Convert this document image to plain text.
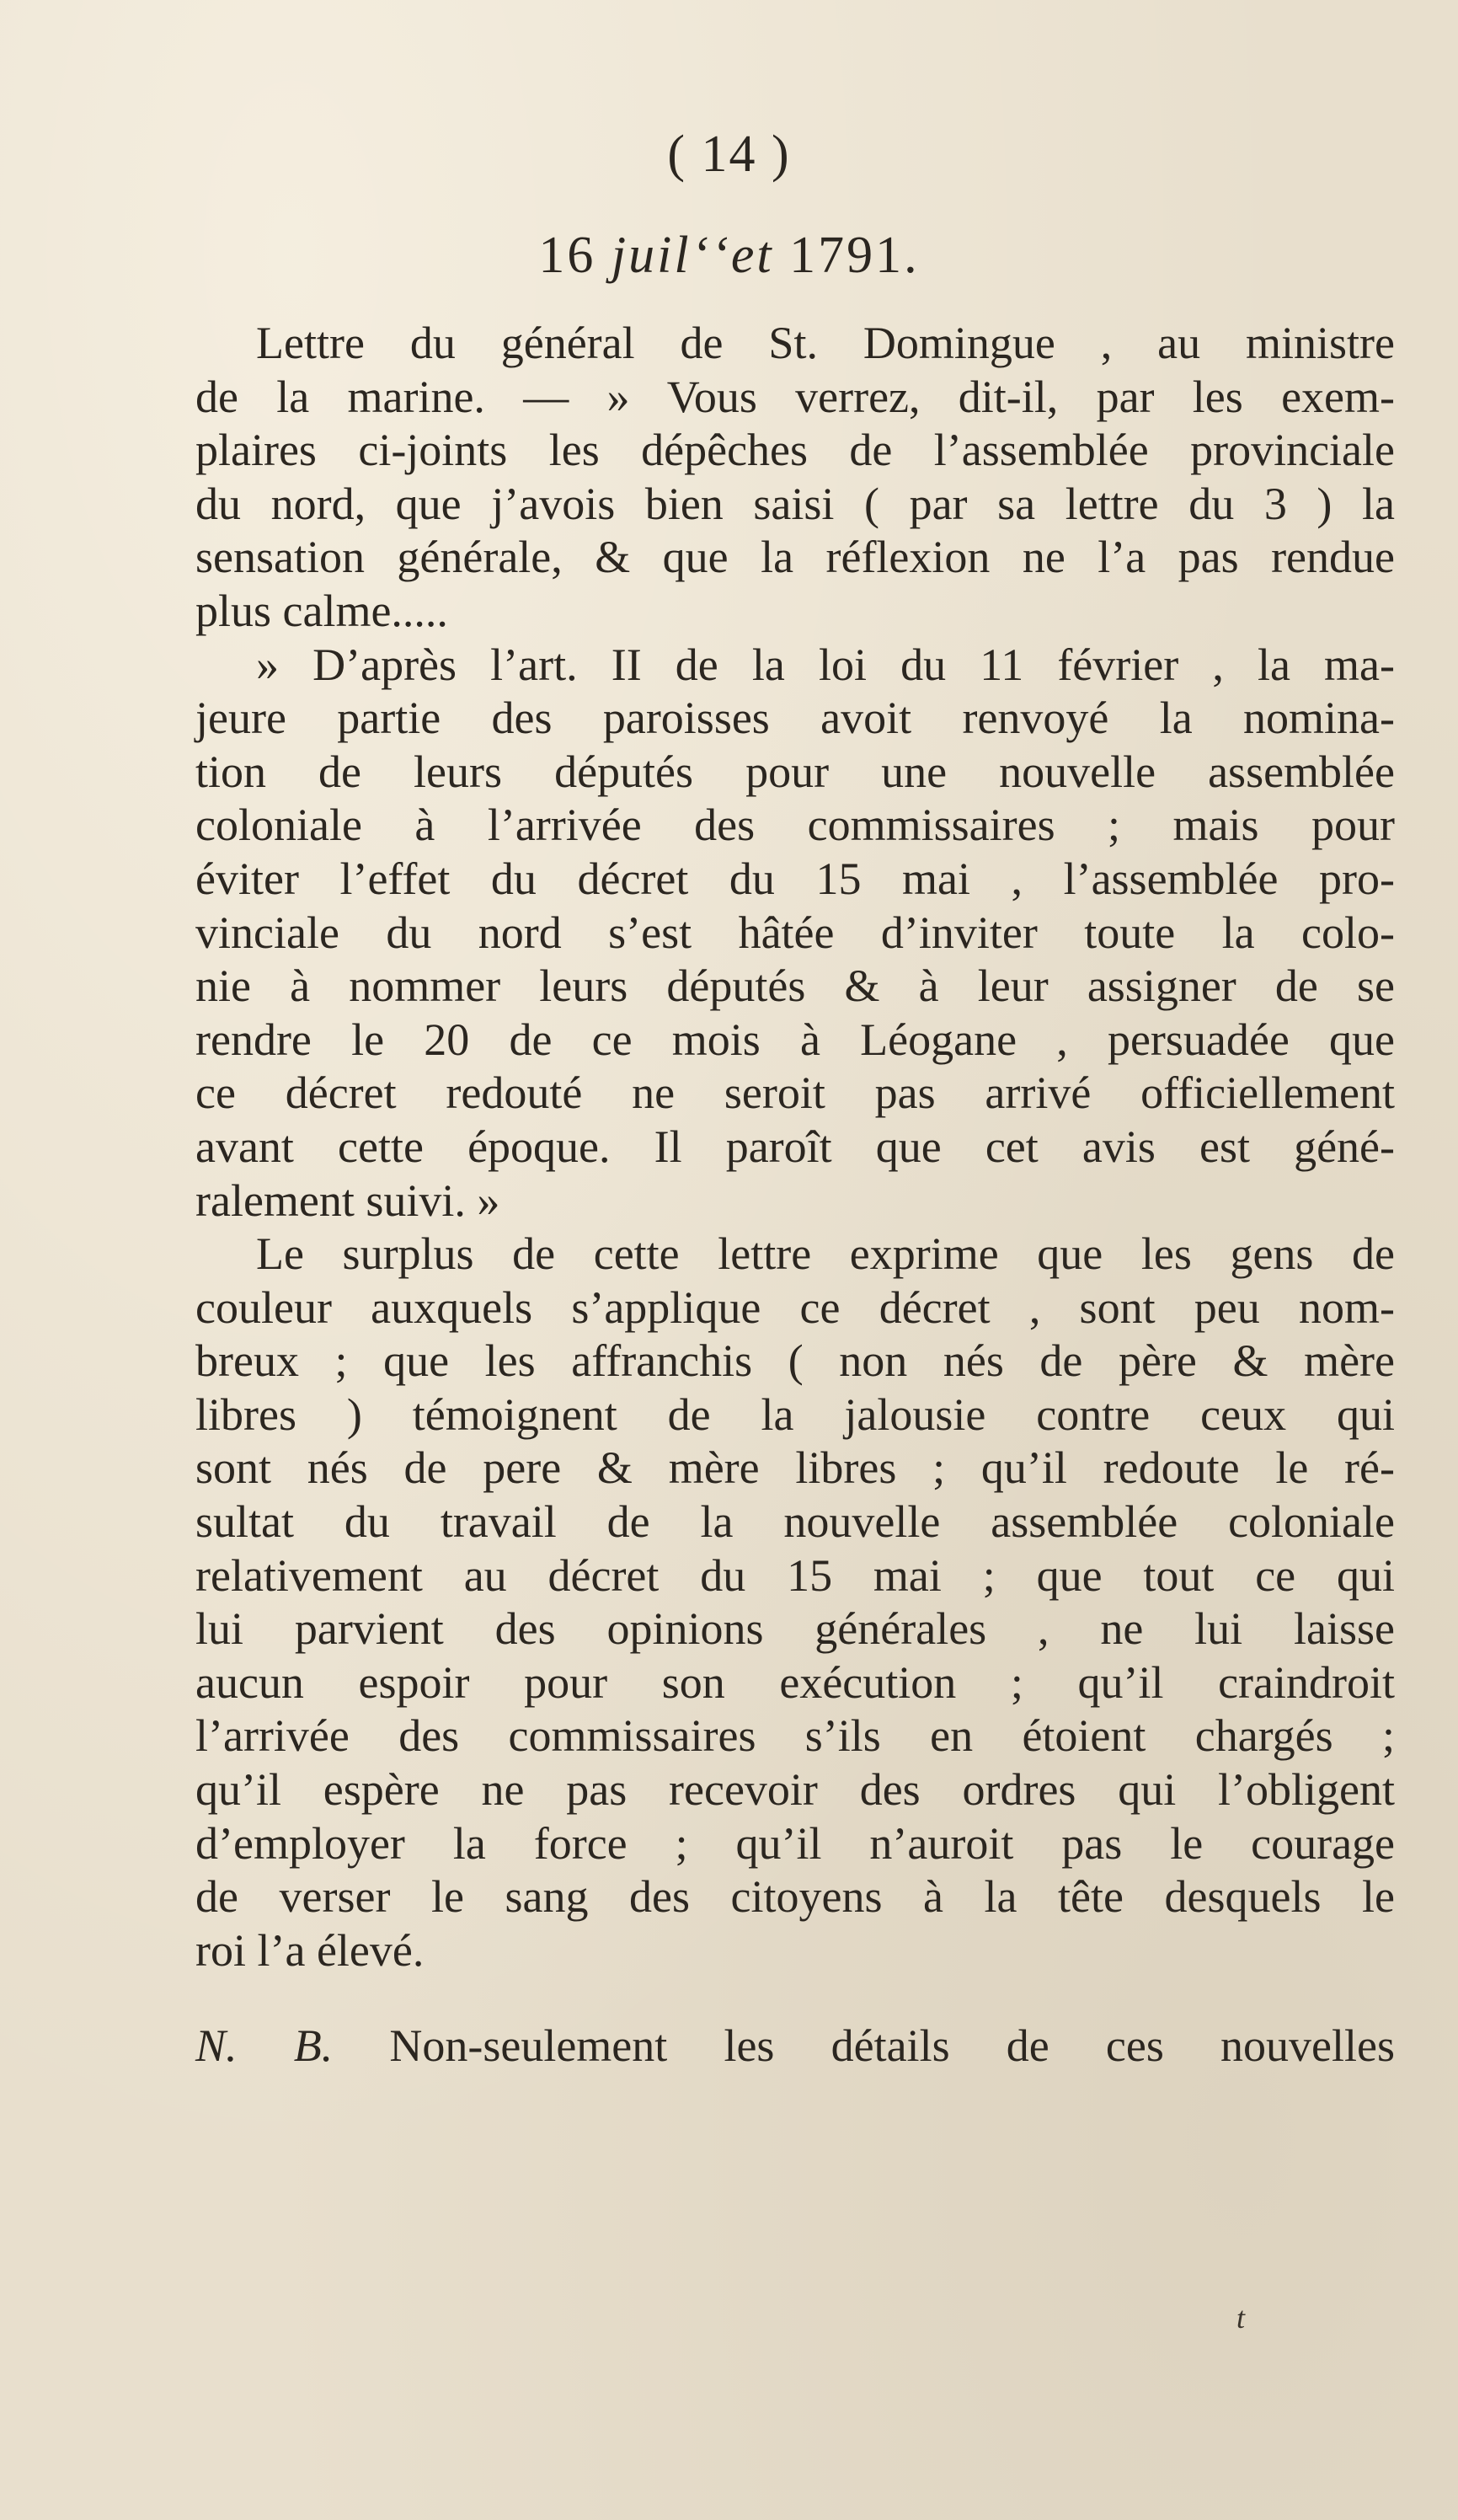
( 14 )
16 juilʻʻet 1791.
Lettre du général de St. Domingue , au ministre
de la marine. — » Vous verrez, dit-il, par les exem-
plaires ci-joints les dépêches de l’assemblée provinciale
du nord, que j’avois bien saisi ( par sa lettre du 3 ) la
sensation générale, & que la réflexion ne l’a pas rendue
plus calme.....
» D’après l’art. II de la loi du 11 février , la ma-
jeure partie des paroisses avoit renvoyé la nomina-
tion de leurs députés pour une nouvelle assemblée
coloniale à l’arrivée des commissaires ; mais pour
éviter l’effet du décret du 15 mai , l’assemblée pro-
vinciale du nord s’est hâtée d’inviter toute la colo-
nie à nommer leurs députés & à leur assigner de se
rendre le 20 de ce mois à Léogane , persuadée que
ce décret redouté ne seroit pas arrivé officiellement
avant cette époque. Il paroît que cet avis est géné-
ralement suivi. »
Le surplus de cette lettre exprime que les gens de
couleur auxquels s’applique ce décret , sont peu nom-
breux ; que les affranchis ( non nés de père & mère
libres ) témoignent de la jalousie contre ceux qui
sont nés de pere & mère libres ; qu’il redoute le ré-
sultat du travail de la nouvelle assemblée coloniale
relativement au décret du 15 mai ; que tout ce qui
lui parvient des opinions générales , ne lui laisse
aucun espoir pour son exécution ; qu’il craindroit
l’arrivée des commissaires s’ils en étoient chargés ;
qu’il espère ne pas recevoir des ordres qui l’obligent
d’employer la force ; qu’il n’auroit pas le courage
de verser le sang des citoyens à la tête desquels le
roi l’a élevé.
N. B. Non-seulement les détails de ces nouvelles
t
